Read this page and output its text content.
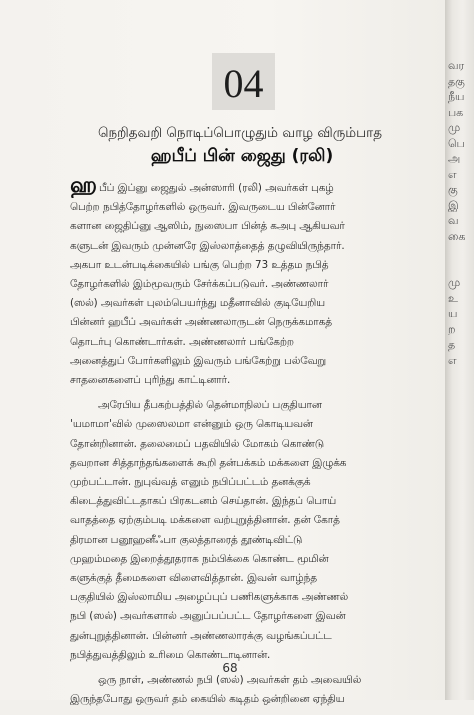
04
நெறிதவறி நொடிப்பொழுதும் வாழ விரும்பாத
ஹபீப் பின் ஜைது (ரலி)
ஹபீப் இப்னு ஜைதுல் அன்ஸாரி (ரலி) அவர்கள் புகழ்
பெற்ற நபித்தோழர்களில் ஒருவர். இவருடைய பின்னோர்
களான ஜைதிப்னு ஆஸிம், நுஸைபா பின்த் கஅபு ஆகியவர்
களுடன் இவரும் முன்னரே இஸ்லாத்தைத் தழுவியிருந்தார்.
அகபா உடன்படிக்கையில் பங்கு பெற்ற 73 உத்தம நபித்
தோழர்களில் இம்மூவரும் சேர்க்கப்படுவர். அண்ணலார்
(ஸல்) அவர்கள் புலம்பெயர்ந்து மதீனாவில் குடியேறிய
பின்னர் ஹபீப் அவர்கள் அண்ணலாருடன் நெருக்கமாகத்
தொடர்பு கொண்டார்கள். அண்ணலார் பங்கேற்ற
அனைத்துப் போர்களிலும் இவரும் பங்கேற்று பல்வேறு
சாதனைகளைப் புரிந்து காட்டினார்.
அரேபிய தீபகற்பத்தில் தென்மாநிலப் பகுதியான
'யமாமா'வில் முஸைலமா என்னும் ஒரு கொடியவன்
தோன்றினான். தலைமைப் பதவியில் மோகம் கொண்டு
தவறான சித்தாந்தங்களைக் கூறி தன்பக்கம் மக்களை இழுக்க
முற்பட்டான். நுபுவ்வத் எனும் நபிப்பட்டம் தனக்குக்
கிடைத்துவிட்டதாகப் பிரகடனம் செய்தான். இந்தப் பொய்
வாதத்தை ஏற்கும்படி மக்களை வற்புறுத்தினான். தன் கோத்
திரமான பனூஹனீஃபா குலத்தாரைத் தூண்டிவிட்டு
முஹம்மதை இறைத்தூதராக நம்பிக்கை கொண்ட மூமின்
களுக்குத் தீமைகளை விளைவித்தான். இவன் வாழ்ந்த
பகுதியில் இஸ்லாமிய அழைப்புப் பணிகளுக்காக அண்ணல்
நபி (ஸல்) அவர்களால் அனுப்பப்பட்ட தோழர்களை இவன்
துன்புறுத்தினான். பின்னர் அண்ணலாரக்கு வழங்கப்பட்ட
நபித்துவத்திலும் உரிமை கொண்டாடினான்.
ஒரு நாள், அண்ணல் நபி (ஸல்) அவர்கள் தம் அவையில்
இருந்தபோது ஒருவர் தம் கையில் கடிதம் ஒன்றினை ஏந்திய
68
வர
தகு
நீய
பக
மு
பெ
அ
எ
கு
இ
வ
கை
மு
உ
ய
ற
த
எ
